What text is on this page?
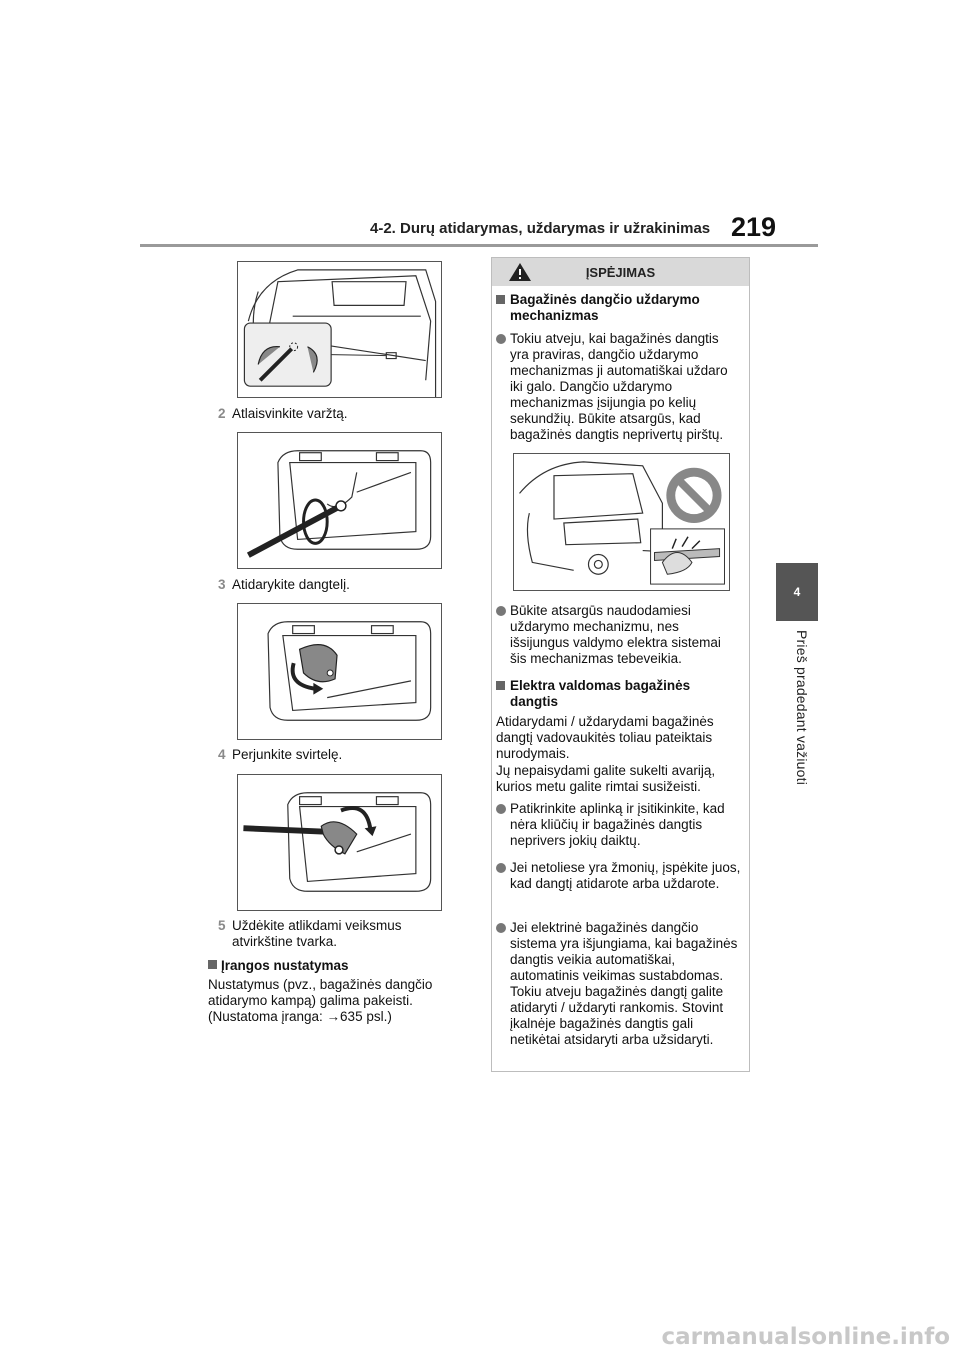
4-2. Durų atidarymas, uždarymas ir užrakinimas 219
4
Prieš pradedant važiuoti
2 Atlaisvinkite varžtą.
3 Atidarykite dangtelį.
4 Perjunkite svirtelę.
5 Uždėkite atlikdami veiksmus atvirkštine tvarka.
Įrangos nustatymas
Nustatymus (pvz., bagažinės dangčio atidarymo kampą) galima pakeisti. (Nustatoma įranga: →635 psl.)
ĮSPĖJIMAS
Bagažinės dangčio uždarymo mechanizmas
Tokiu atveju, kai bagažinės dangtis yra praviras, dangčio uždarymo mechanizmas ji automatiškai uždaro iki galo. Dangčio uždarymo mechanizmas įsijungia po kelių sekundžių. Būkite atsargūs, kad bagažinės dangtis neprivertų pirštų.
Būkite atsargūs naudodamiesi uždarymo mechanizmu, nes išsijungus valdymo elektra sistemai šis mechanizmas tebeveikia.
Elektra valdomas bagažinės dangtis
Atidarydami / uždarydami bagažinės dangtį vadovaukitės toliau pateiktais nurodymais.
Jų nepaisydami galite sukelti avariją, kurios metu galite rimtai susižeisti.
Patikrinkite aplinką ir įsitikinkite, kad nėra kliūčių ir bagažinės dangtis neprivers jokių daiktų.
Jei netoliese yra žmonių, įspėkite juos, kad dangtį atidarote arba uždarote.
Jei elektrinė bagažinės dangčio sistema yra išjungiama, kai bagažinės dangtis veikia automatiškai, automatinis veikimas sustabdomas. Tokiu atveju bagažinės dangtį galite atidaryti / uždaryti rankomis. Stovint įkalnėje bagažinės dangtis gali netikėtai atsidaryti arba užsidaryti.
carmanualsonline.info
